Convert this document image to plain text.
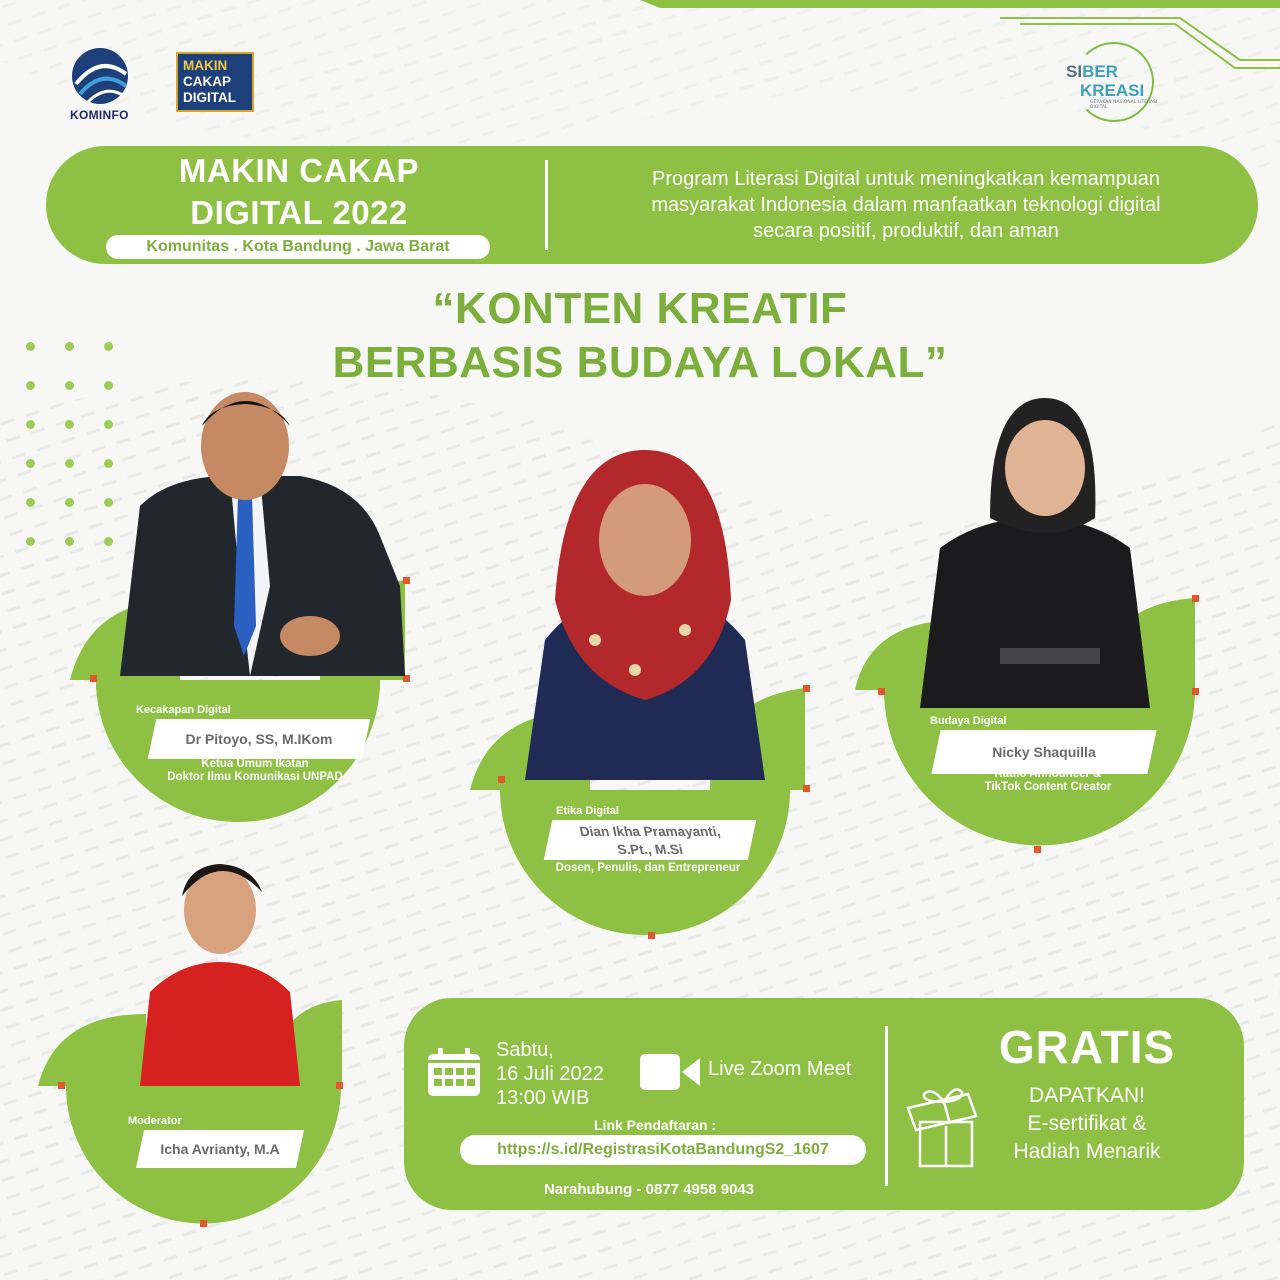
KOMINFO
MAKIN
CAKAP
DIGITAL
SIBER
KREASI
GERAKAN NASIONAL LITERASI DIGITAL
MAKIN CAKAP
DIGITAL 2022
Komunitas . Kota Bandung . Jawa Barat
Program Literasi Digital untuk meningkatkan kemampuan
masyarakat Indonesia dalam manfaatkan teknologi digital
secara positif, produktif, dan aman
“KONTEN KREATIF
BERBASIS BUDAYA LOKAL”
Kecakapan Digital
Dr Pitoyo, SS, M.IKom
Ketua Umum Ikatan
Doktor Ilmu Komunikasi UNPAD
Etika Digital
Dian Ikha Pramayanti,
S.Pt., M.Si
Dosen, Penulis, dan Entrepreneur
Budaya Digital
Nicky Shaquilla
Radio Announcer &
TikTok Content Creator
Moderator
Icha Avrianty, M.A
Sabtu,
16 Juli 2022
13:00 WIB
Live Zoom Meet
Link Pendaftaran :
https://s.id/RegistrasiKotaBandungS2_1607
Narahubung - 0877 4958 9043
GRATIS
DAPATKAN!
E-sertifikat &
Hadiah Menarik
